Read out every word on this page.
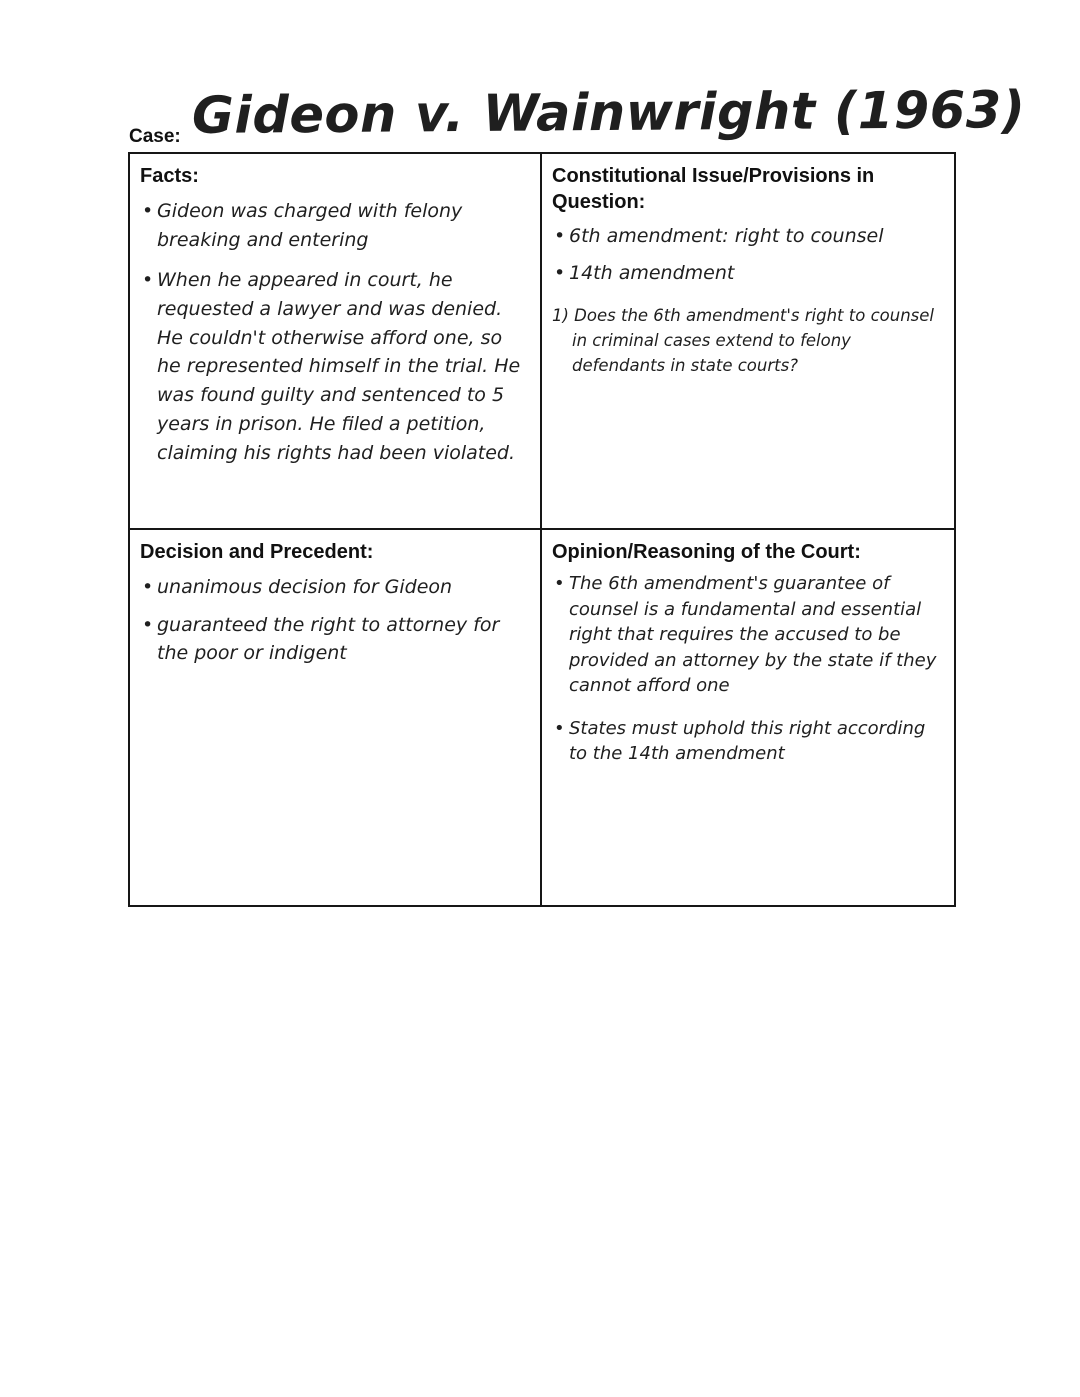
Case: Gideon v. Wainwright (1963)
Facts:
• Gideon was charged with felony breaking and entering
• When he appeared in court, he requested a lawyer and was denied. He couldn't otherwise afford one, so he represented himself in the trial. He was found guilty and sentenced to 5 years in prison. He filed a petition, claiming his rights had been violated.

Constitutional Issue/Provisions in Question:
• 6th amendment: right to counsel
• 14th amendment
1) Does the 6th amendment's right to counsel in criminal cases extend to felony defendants in state courts?

Decision and Precedent:
• unanimous decision for Gideon
• guaranteed the right to attorney for the poor or indigent

Opinion/Reasoning of the Court:
• The 6th amendment's guarantee of counsel is a fundamental and essential right that requires the accused to be provided an attorney by the state if they cannot afford one
• States must uphold this right according to the 14th amendment
